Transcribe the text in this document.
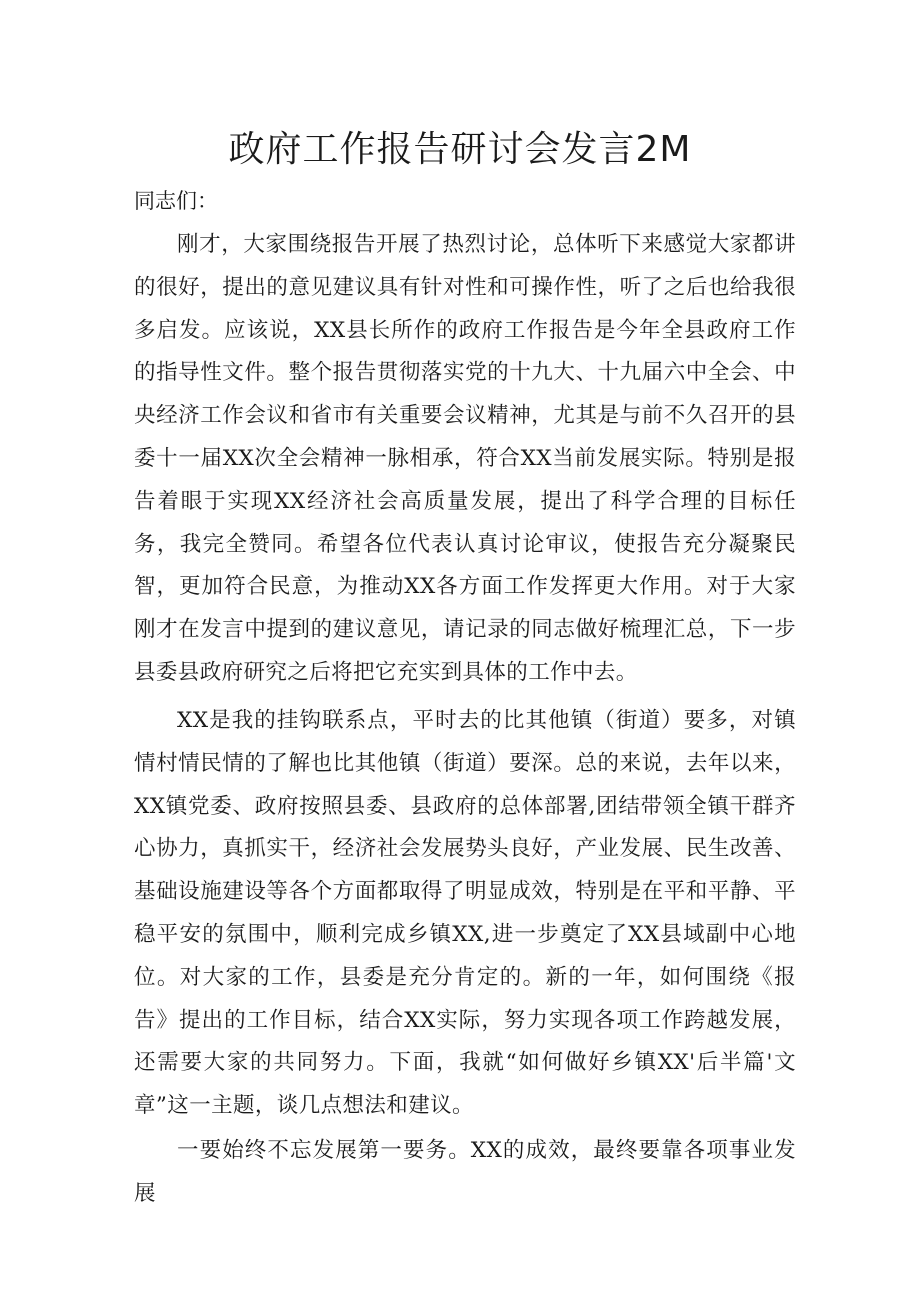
政府工作报告研讨会发言2M

同志们：

刚才，大家围绕报告开展了热烈讨论，总体听下来感觉大家都讲的很好，提出的意见建议具有针对性和可操作性，听了之后也给我很多启发。应该说，XX县长所作的政府工作报告是今年全县政府工作的指导性文件。整个报告贯彻落实党的十九大、十九届六中全会、中央经济工作会议和省市有关重要会议精神，尤其是与前不久召开的县委十一届XX次全会精神一脉相承，符合XX当前发展实际。特别是报告着眼于实现XX经济社会高质量发展，提出了科学合理的目标任务，我完全赞同。希望各位代表认真讨论审议，使报告充分凝聚民智，更加符合民意，为推动XX各方面工作发挥更大作用。对于大家刚才在发言中提到的建议意见，请记录的同志做好梳理汇总，下一步县委县政府研究之后将把它充实到具体的工作中去。

XX是我的挂钩联系点，平时去的比其他镇（街道）要多，对镇情村情民情的了解也比其他镇（街道）要深。总的来说，去年以来，XX镇党委、政府按照县委、县政府的总体部署,团结带领全镇干群齐心协力，真抓实干，经济社会发展势头良好，产业发展、民生改善、基础设施建设等各个方面都取得了明显成效，特别是在平和平静、平稳平安的氛围中，顺利完成乡镇XX,进一步奠定了XX县域副中心地位。对大家的工作，县委是充分肯定的。新的一年，如何围绕《报告》提出的工作目标，结合XX实际，努力实现各项工作跨越发展，还需要大家的共同努力。下面，我就“如何做好乡镇XX'后半篇'文章”这一主题，谈几点想法和建议。

一要始终不忘发展第一要务。XX的成效，最终要靠各项事业发展
